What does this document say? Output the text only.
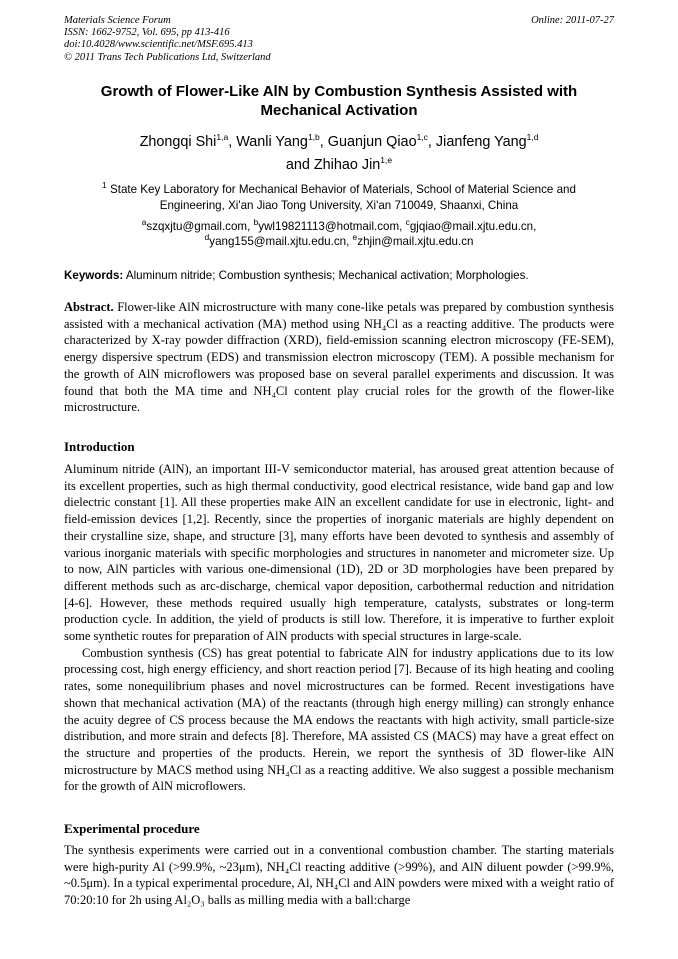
Materials Science Forum
ISSN: 1662-9752, Vol. 695, pp 413-416
doi:10.4028/www.scientific.net/MSF.695.413
© 2011 Trans Tech Publications Ltd, Switzerland
Online: 2011-07-27
Growth of Flower-Like AlN by Combustion Synthesis Assisted with Mechanical Activation
Zhongqi Shi$^{1,a}$, Wanli Yang$^{1,b}$, Guanjun Qiao$^{1,c}$, Jianfeng Yang$^{1,d}$
and Zhihao Jin$^{1,e}$
$^1$ State Key Laboratory for Mechanical Behavior of Materials, School of Material Science and Engineering, Xi'an Jiao Tong University, Xi'an 710049, Shaanxi, China
$^a$szqxjtu@gmail.com, $^b$ywl19821113@hotmail.com, $^c$gjqiao@mail.xjtu.edu.cn,
$^d$yang155@mail.xjtu.edu.cn, $^e$zhjin@mail.xjtu.edu.cn
Keywords: Aluminum nitride; Combustion synthesis; Mechanical activation; Morphologies.

Abstract. Flower-like AlN microstructure with many cone-like petals was prepared by combustion synthesis assisted with a mechanical activation (MA) method using NH₄Cl as a reacting additive. The products were characterized by X-ray powder diffraction (XRD), field-emission scanning electron microscopy (FE-SEM), energy dispersive spectrum (EDS) and transmission electron microscopy (TEM). A possible mechanism for the growth of AlN microflowers was proposed base on several parallel experiments and discussion. It was found that both the MA time and NH₄Cl content play crucial roles for the growth of the flower-like microstructure.

Introduction

Aluminum nitride (AlN), an important III-V semiconductor material, has aroused great attention because of its excellent properties, such as high thermal conductivity, good electrical resistance, wide band gap and low dielectric constant [1]. All these properties make AlN an excellent candidate for use in electronic, light- and field-emission devices [1,2]. Recently, since the properties of inorganic materials are highly dependent on their crystalline size, shape, and structure [3], many efforts have been devoted to synthesis and assembly of various inorganic materials with specific morphologies and structures in nanometer and micrometer size. Up to now, AlN particles with various one-dimensional (1D), 2D or 3D morphologies have been prepared by different methods such as arc-discharge, chemical vapor deposition, carbothermal reduction and nitridation [4-6]. However, these methods required usually high temperature, catalysts, substrates or long-term production cycle. In addition, the yield of products is still low. Therefore, it is imperative to further exploit some synthetic routes for preparation of AlN products with special structures in large-scale.

Combustion synthesis (CS) has great potential to fabricate AlN for industry applications due to its low processing cost, high energy efficiency, and short reaction period [7]. Because of its high heating and cooling rates, some nonequilibrium phases and novel microstructures can be formed. Recent investigations have shown that mechanical activation (MA) of the reactants (through high energy milling) can strongly enhance the acuity degree of CS process because the MA endows the reactants with high activity, small particle-size distribution, and more strain and defects [8]. Therefore, MA assisted CS (MACS) may have a great effect on the structure and properties of the products. Herein, we report the synthesis of 3D flower-like AlN microstructure by MACS method using NH₄Cl as a reacting additive. We also suggest a possible mechanism for the growth of AlN microflowers.

Experimental procedure

The synthesis experiments were carried out in a conventional combustion chamber. The starting materials were high-purity Al (>99.9%, ~23μm), NH₄Cl reacting additive (>99%), and AlN diluent powder (>99.9%, ~0.5μm). In a typical experimental procedure, Al, NH₄Cl and AlN powders were mixed with a weight ratio of 70:20:10 for 2h using Al₂O₃ balls as milling media with a ball:charge
